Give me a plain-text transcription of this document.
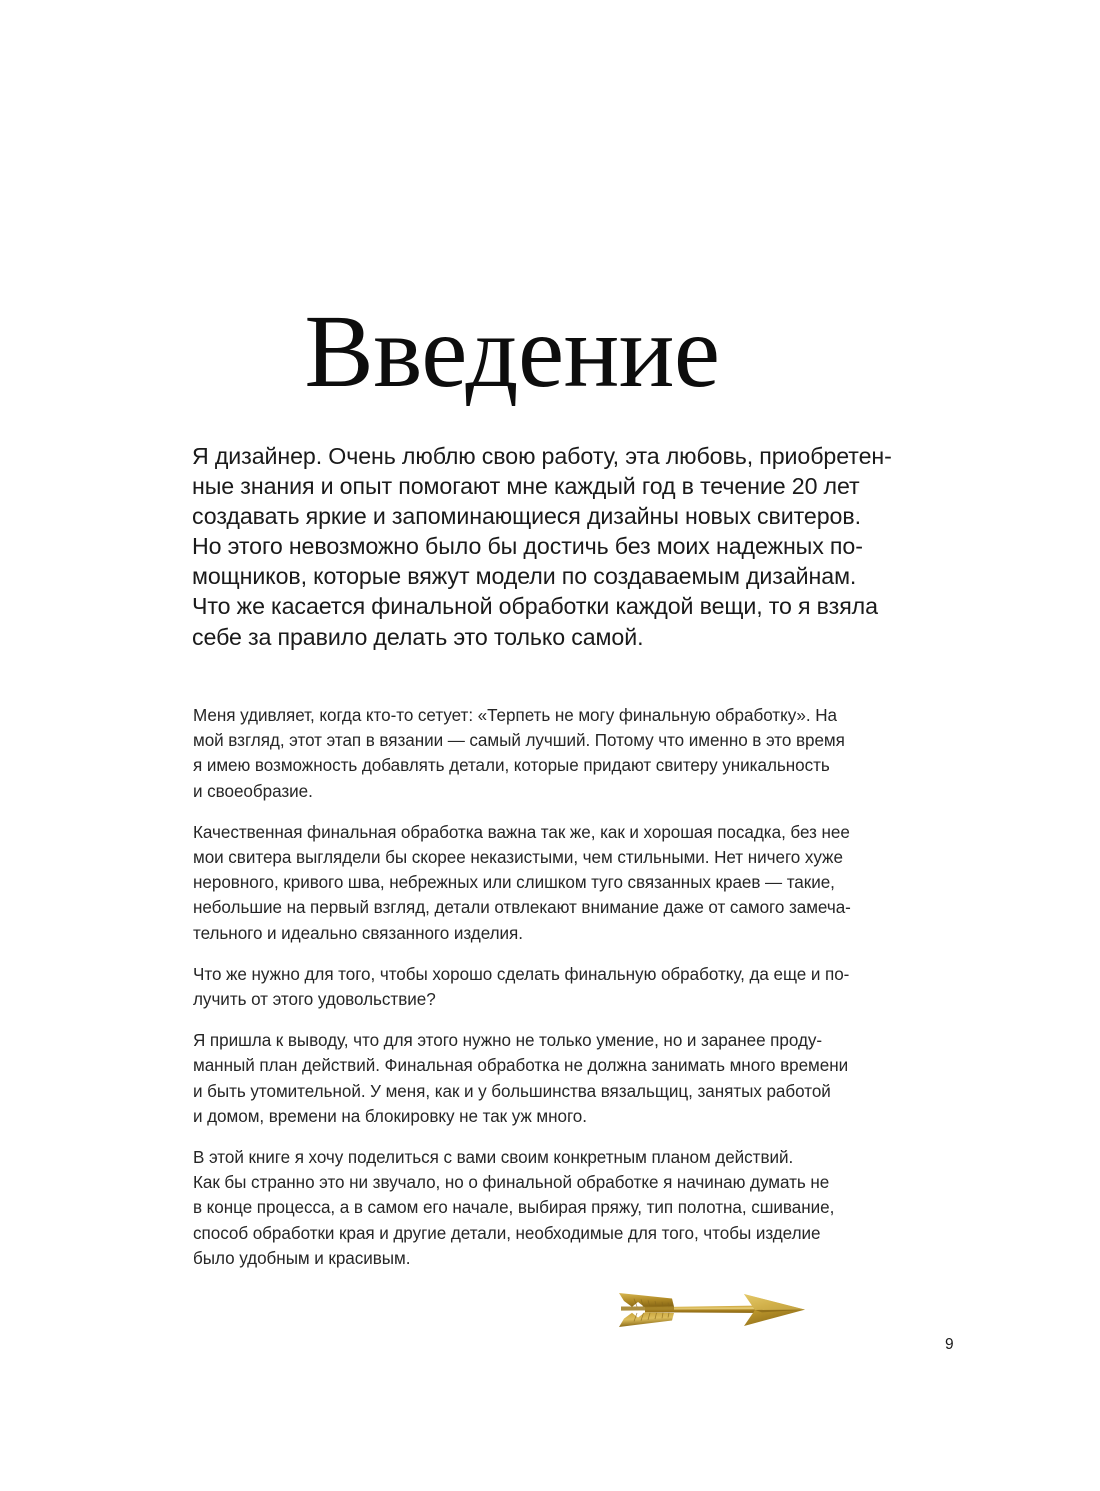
Введение

Я дизайнер. Очень люблю свою работу, эта любовь, приобретен-
ные знания и опыт помогают мне каждый год в течение 20 лет
создавать яркие и запоминающиеся дизайны новых свитеров.
Но этого невозможно было бы достичь без моих надежных по-
мощников, которые вяжут модели по создаваемым дизайнам.
Что же касается финальной обработки каждой вещи, то я взяла
себе за правило делать это только самой.

Меня удивляет, когда кто-то сетует: «Терпеть не могу финальную обработку». На
мой взгляд, этот этап в вязании — самый лучший. Потому что именно в это время
я имею возможность добавлять детали, которые придают свитеру уникальность
и своеобразие.

Качественная финальная обработка важна так же, как и хорошая посадка, без нее
мои свитера выглядели бы скорее неказистыми, чем стильными. Нет ничего хуже
неровного, кривого шва, небрежных или слишком туго связанных краев — такие,
небольшие на первый взгляд, детали отвлекают внимание даже от самого замеча-
тельного и идеально связанного изделия.

Что же нужно для того, чтобы хорошо сделать финальную обработку, да еще и по-
лучить от этого удовольствие?

Я пришла к выводу, что для этого нужно не только умение, но и заранее проду-
манный план действий. Финальная обработка не должна занимать много времени
и быть утомительной. У меня, как и у большинства вязальщиц, занятых работой
и домом, времени на блокировку не так уж много.

В этой книге я хочу поделиться с вами своим конкретным планом действий.
Как бы странно это ни звучало, но о финальной обработке я начинаю думать не
в конце процесса, а в самом его начале, выбирая пряжу, тип полотна, сшивание,
способ обработки края и другие детали, необходимые для того, чтобы изделие
было удобным и красивым.

9
